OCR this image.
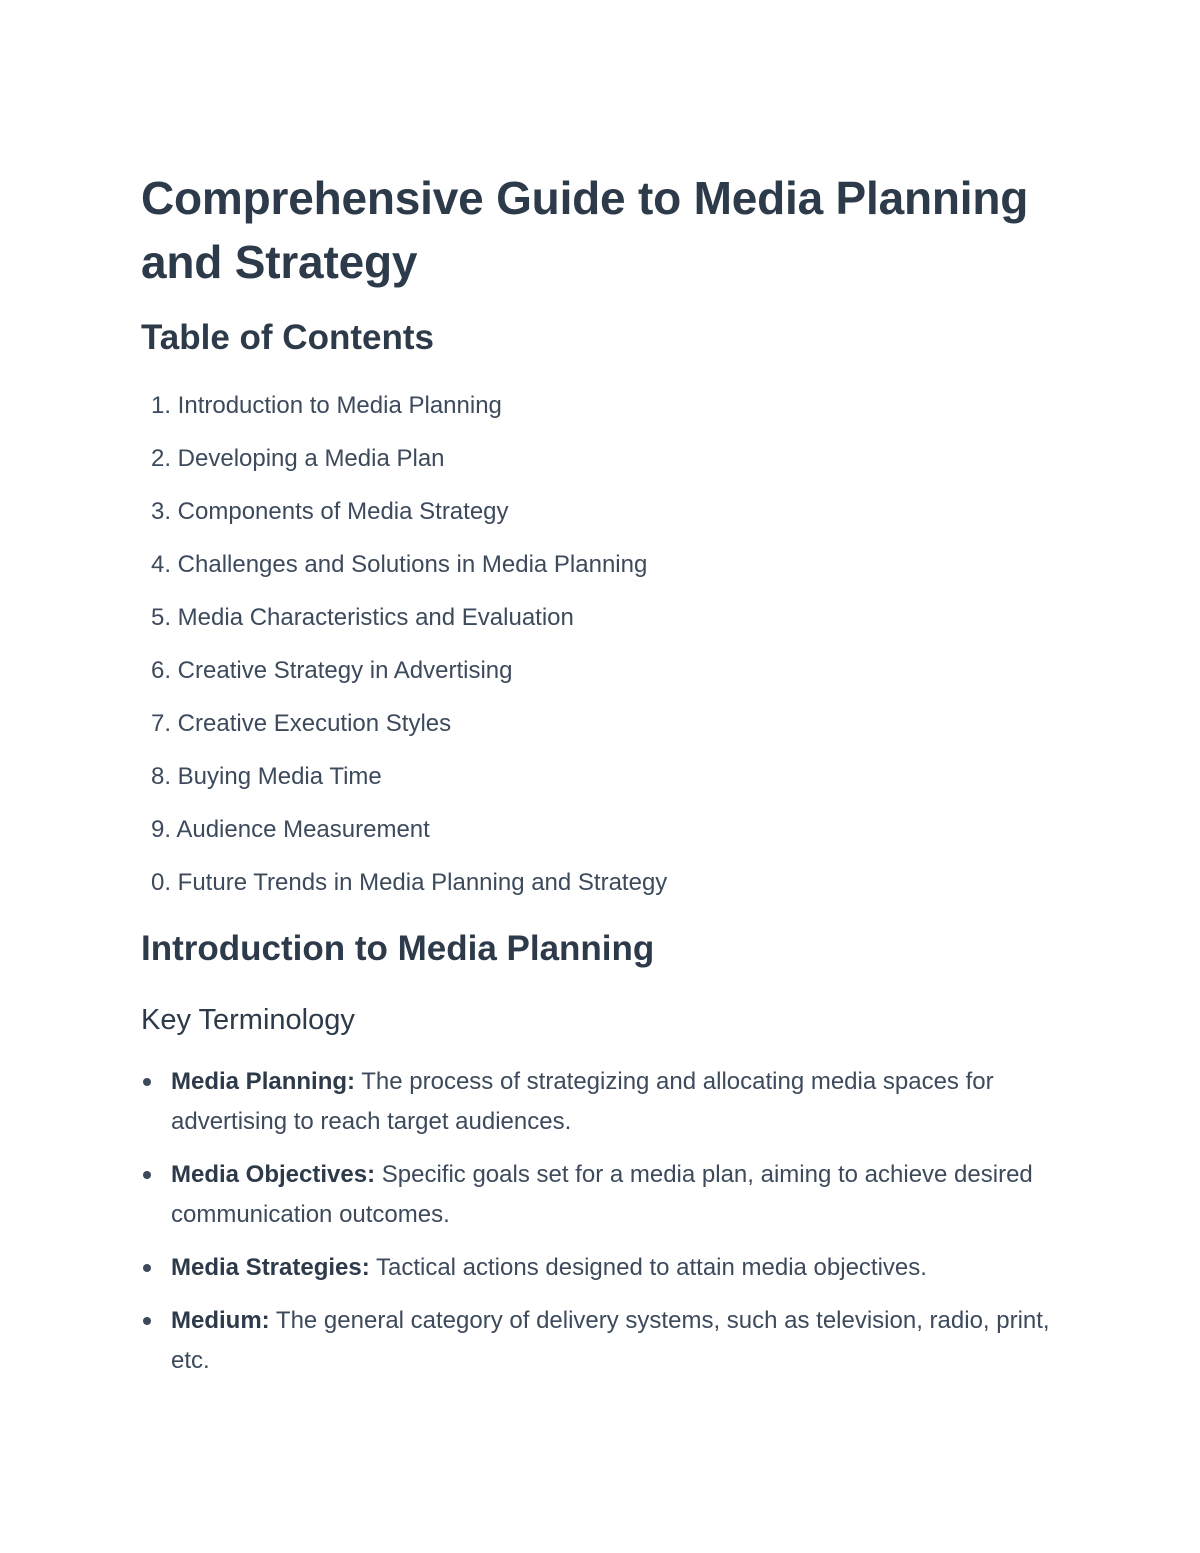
Comprehensive Guide to Media Planning and Strategy
Table of Contents
1. Introduction to Media Planning
2. Developing a Media Plan
3. Components of Media Strategy
4. Challenges and Solutions in Media Planning
5. Media Characteristics and Evaluation
6. Creative Strategy in Advertising
7. Creative Execution Styles
8. Buying Media Time
9. Audience Measurement
0. Future Trends in Media Planning and Strategy
Introduction to Media Planning
Key Terminology
Media Planning: The process of strategizing and allocating media spaces for advertising to reach target audiences.
Media Objectives: Specific goals set for a media plan, aiming to achieve desired communication outcomes.
Media Strategies: Tactical actions designed to attain media objectives.
Medium: The general category of delivery systems, such as television, radio, print, etc.
